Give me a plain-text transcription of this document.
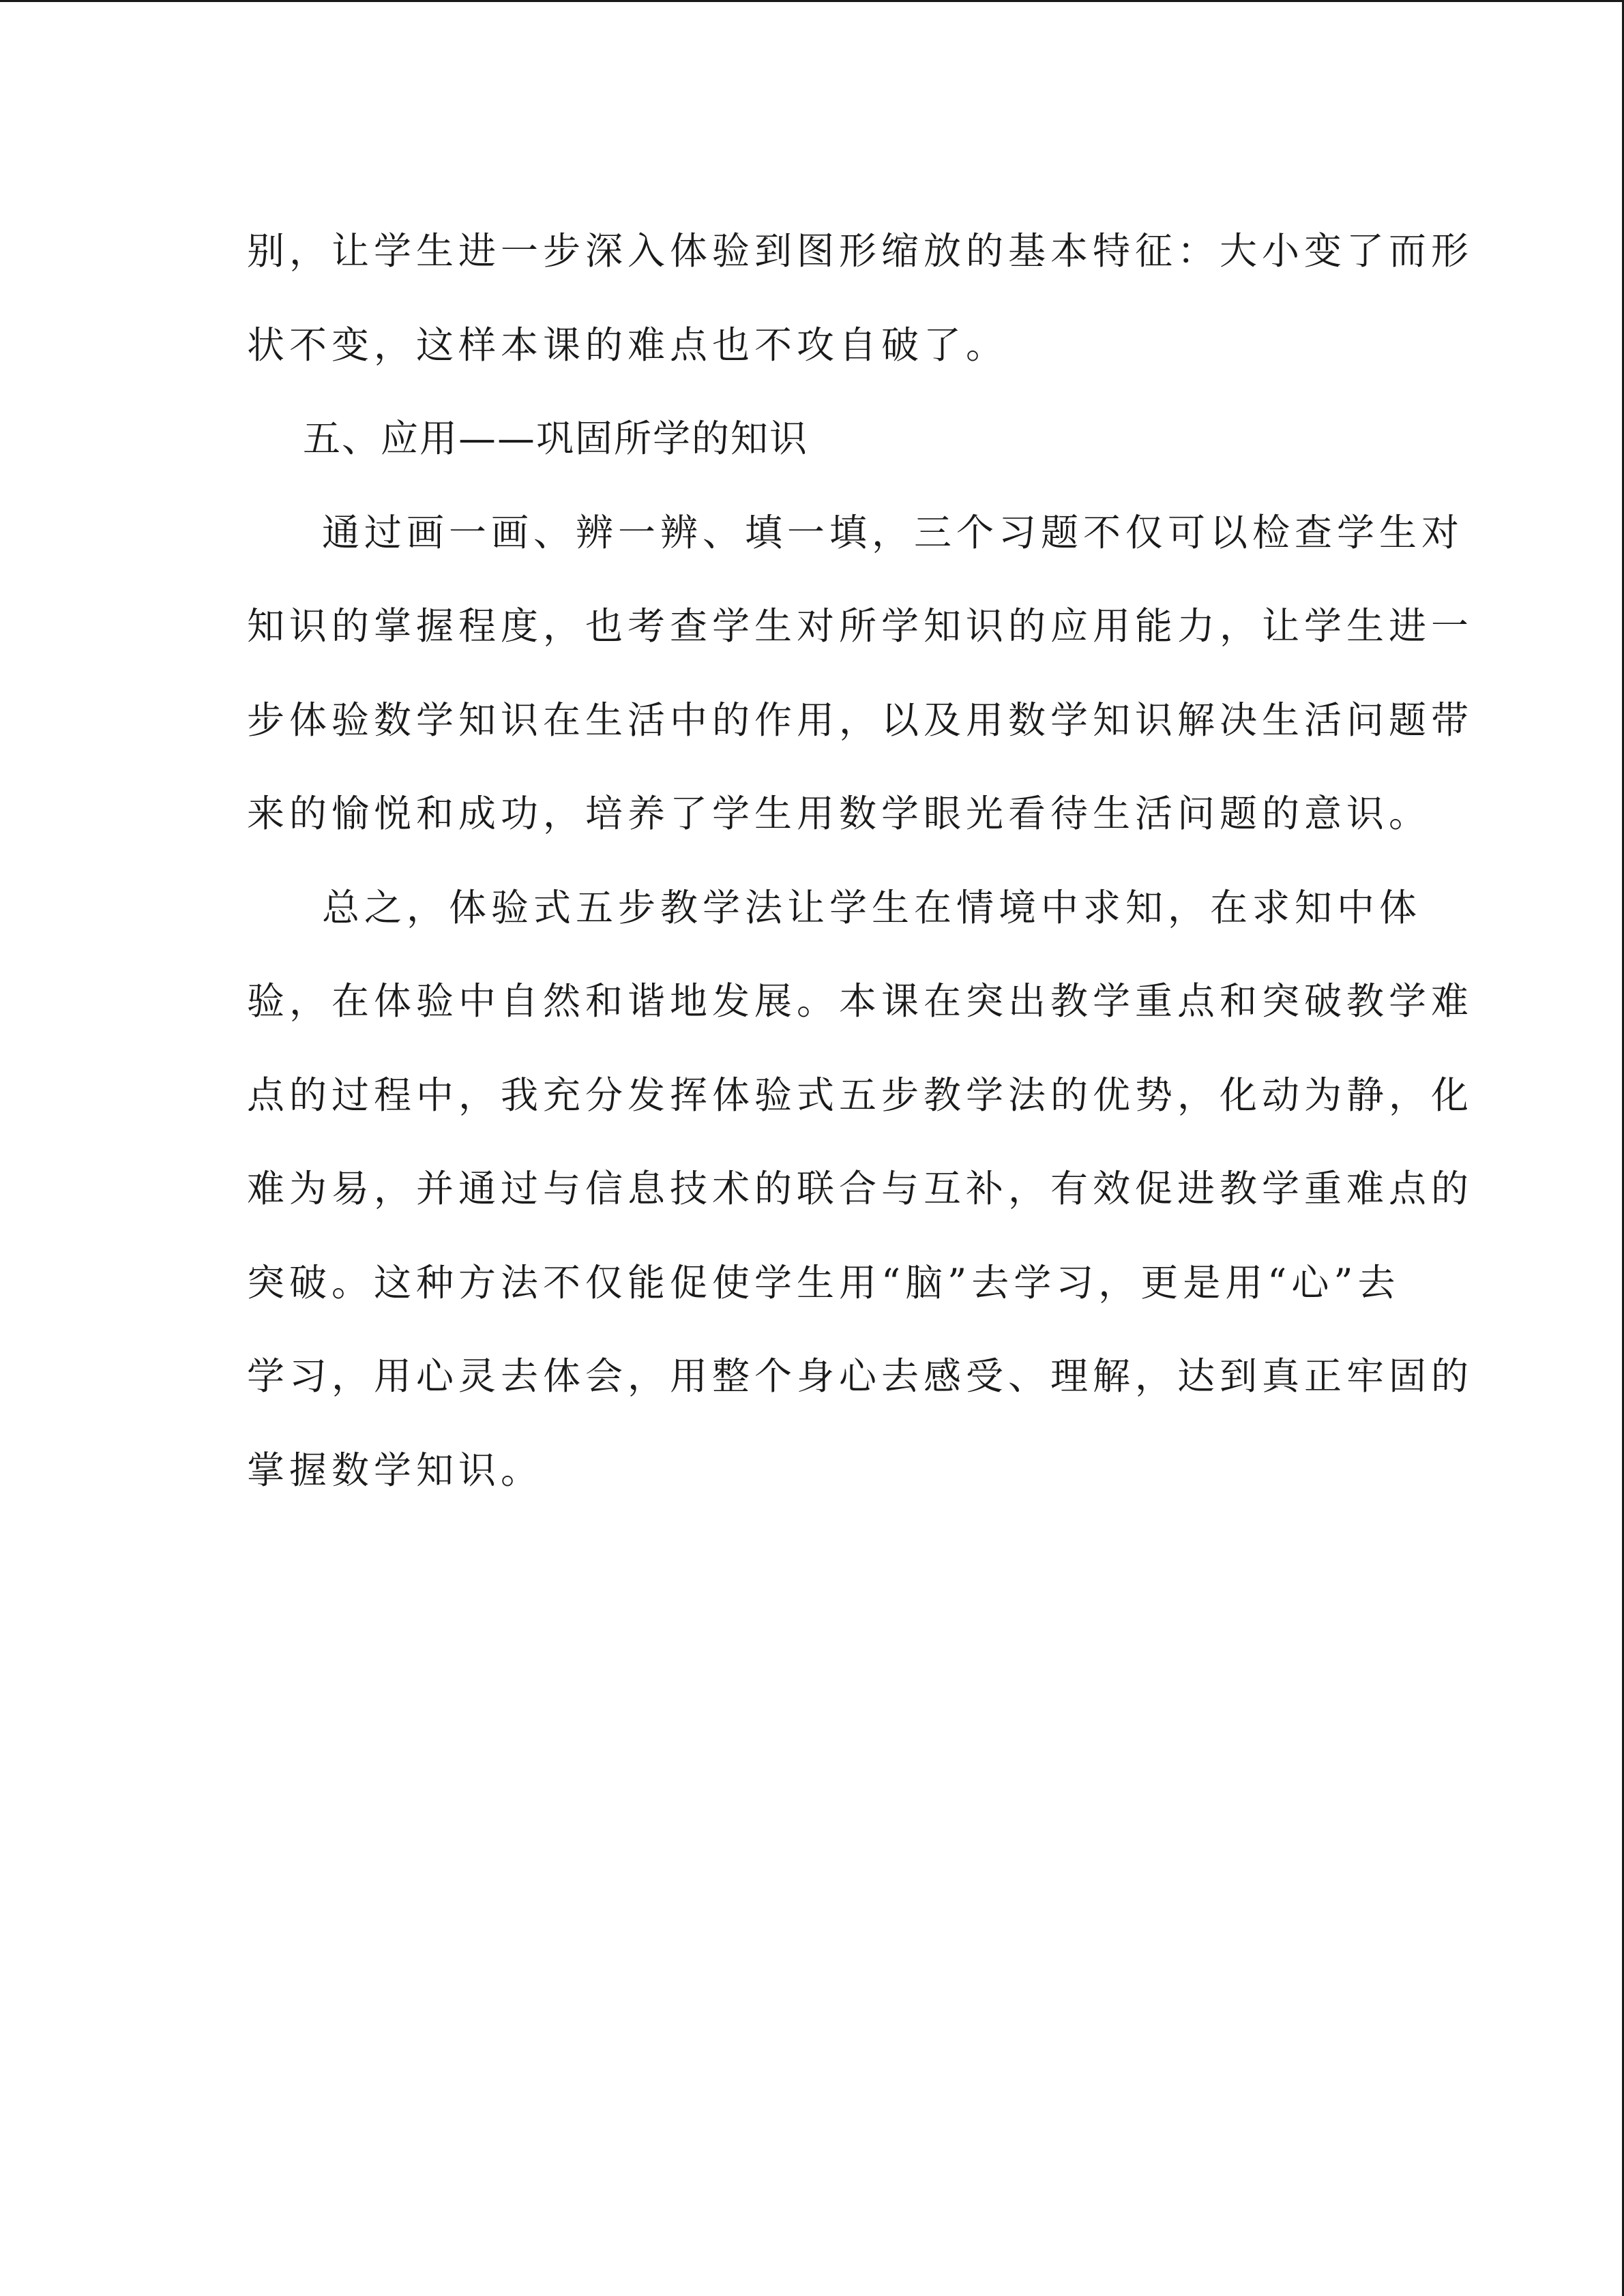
别，让学生进一步深入体验到图形缩放的基本特征：大小变了而形
状不变，这样本课的难点也不攻自破了。
五、应用——巩固所学的知识
通过画一画、辨一辨、填一填，三个习题不仅可以检查学生对
知识的掌握程度，也考查学生对所学知识的应用能力，让学生进一
步体验数学知识在生活中的作用，以及用数学知识解决生活问题带
来的愉悦和成功，培养了学生用数学眼光看待生活问题的意识。
总之，体验式五步教学法让学生在情境中求知，在求知中体
验，在体验中自然和谐地发展。本课在突出教学重点和突破教学难
点的过程中，我充分发挥体验式五步教学法的优势，化动为静，化
难为易，并通过与信息技术的联合与互补，有效促进教学重难点的
突破。这种方法不仅能促使学生用“脑”去学习，更是用“心”去
学习，用心灵去体会，用整个身心去感受、理解，达到真正牢固的
掌握数学知识。
